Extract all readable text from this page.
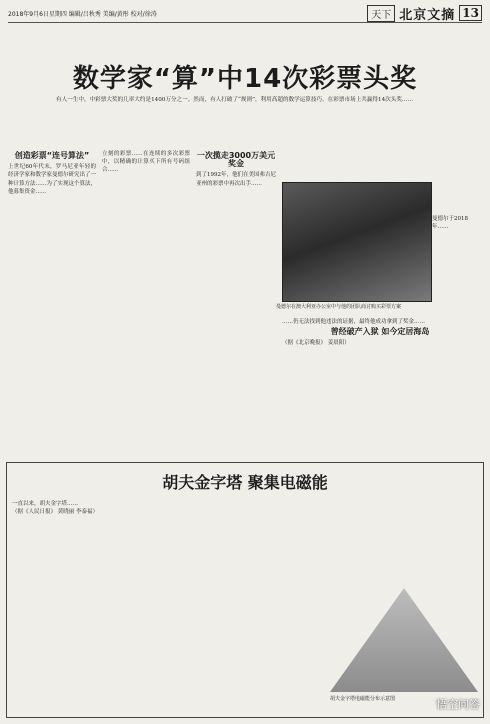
2018年9月6日星期四 编辑/吕秋秀 美编/黄彤 校对/徐涛	天下 北京文摘 13
数学家“算”中14次彩票头奖
有人一生中，中彩票大奖的几率大约是1400万分之一。然而，有人打破了“规则”，利用高超的数学运算技巧，在彩票市场上共赢得14次头奖……
创造彩票“连号算法”
上世纪60年代末，罗马尼亚年轻的经济学家和数学家曼德尔研究出了一种计算方法……为了实现这个算法，他募集资金……
立刻的彩票……在连续的多次彩票中，以精确的计算买下所有号码组合……
一次揽走3000万美元奖金
到了1992年，他们在美国弗吉尼亚州的彩票中再次出手……
曼德尔在澳大利亚办公室中与他的团队商讨购买彩票方案
曼德尔于2018年……
……仍无法找到他违法的证据，最终他成功拿到了奖金……
曾经破产入狱 如今定居海岛
（据《北京晚报》 姜晨阳）
胡夫金字塔 聚集电磁能
一直以来，胡夫金字塔……
（据《人民日报》 黄晓丽 李泰福）
胡夫金字塔电磁能分布示意图	悟空问答
